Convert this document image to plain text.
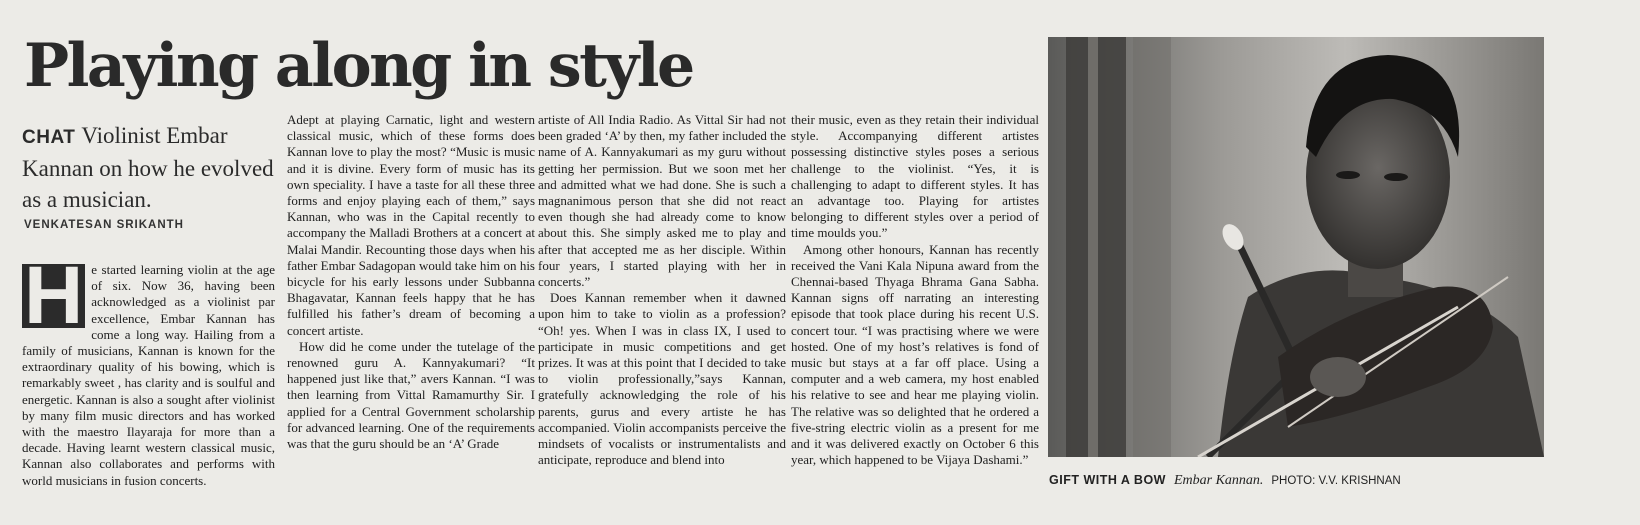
Playing along in style
CHAT Violinist Embar Kannan on how he evolved as a musician.
VENKATESAN SRIKANTH

H e started learning violin at the age of six. Now 36, having been acknowledged as a violinist par excellence, Embar Kannan has come a long way. Hailing from a family of musicians, Kannan is known for the extraordinary quality of his bowing, which is remarkably sweet , has clarity and is soulful and energetic. Kannan is also a sought after violinist by many film music directors and has worked with the maestro Ilayaraja for more than a decade. Having learnt western classical music, Kannan also collaborates and performs with world musicians in fusion concerts.

Adept at playing Carnatic, light and western classical music, which of these forms does Kannan love to play the most? “Music is music and it is divine. Every form of music has its own speciality. I have a taste for all these three forms and enjoy playing each of them,” says Kannan, who was in the Capital recently to accompany the Malladi Brothers at a concert at Malai Mandir. Recounting those days when his father Embar Sadagopan would take him on his bicycle for his early lessons under Subbanna Bhagavatar, Kannan feels happy that he has fulfilled his father’s dream of becoming a concert artiste.

How did he come under the tutelage of the renowned guru A. Kannyakumari? “It happened just like that,” avers Kannan. “I was then learning from Vittal Ramamurthy Sir. I applied for a Central Government scholarship for advanced learning. One of the requirements was that the guru should be an ‘A’ Grade

artiste of All India Radio. As Vittal Sir had not been graded ‘A’ by then, my father included the name of A. Kannyakumari as my guru without getting her permission. But we soon met her and admitted what we had done. She is such a magnanimous person that she did not react even though she had already come to know about this. She simply asked me to play and after that accepted me as her disciple. Within four years, I started playing with her in concerts.”

Does Kannan remember when it dawned upon him to take to violin as a profession? “Oh! yes. When I was in class IX, I used to participate in music competitions and get prizes. It was at this point that I decided to take to violin professionally,”says Kannan, gratefully acknowledging the role of his parents, gurus and every artiste he has accompanied. Violin accompanists perceive the mindsets of vocalists or instrumentalists and anticipate, reproduce and blend into

their music, even as they retain their individual style. Accompanying different artistes possessing distinctive styles poses a serious challenge to the violinist. “Yes, it is challenging to adapt to different styles. It has an advantage too. Playing for artistes belonging to different styles over a period of time moulds you.”

Among other honours, Kannan has recently received the Vani Kala Nipuna award from the Chennai-based Thyaga Bhrama Gana Sabha. Kannan signs off narrating an interesting episode that took place during his recent U.S. concert tour. “I was practising where we were hosted. One of my host’s relatives is fond of music but stays at a far off place. Using a computer and a web camera, my host enabled his relative to see and hear me playing violin. The relative was so delighted that he ordered a five-string electric violin as a present for me and it was delivered exactly on October 6 this year, which happened to be Vijaya Dashami.”

GIFT WITH A BOW Embar Kannan. PHOTO: V.V. KRISHNAN
